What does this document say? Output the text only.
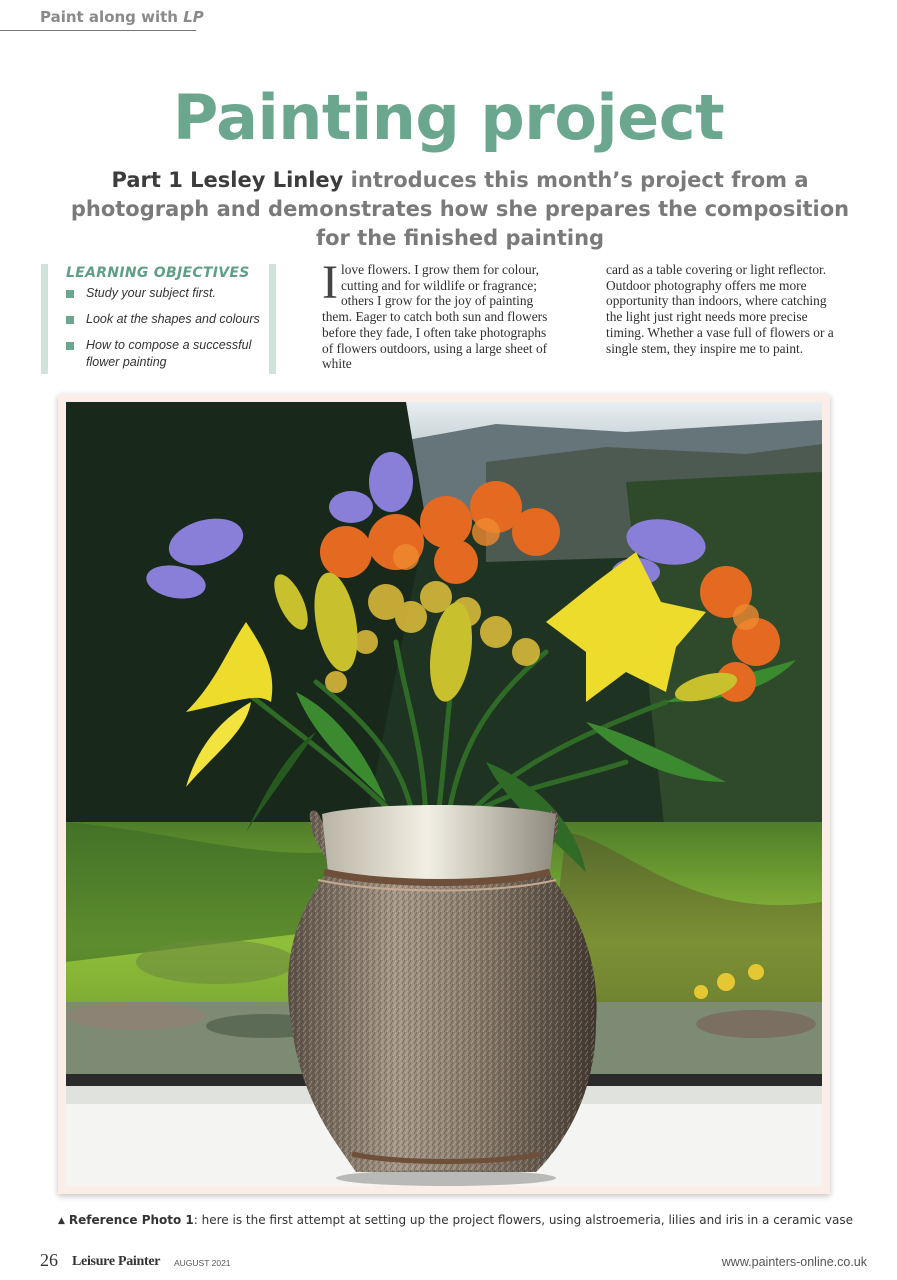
Paint along with LP
Painting project
Part 1 Lesley Linley introduces this month’s project from a photograph and demonstrates how she prepares the composition for the finished painting
LEARNING OBJECTIVES
Study your subject first.
Look at the shapes and colours
How to compose a successful flower painting
Ilove flowers. I grow them for colour, cutting and for wildlife or fragrance; others I grow for the joy of painting them. Eager to catch both sun and flowers before they fade, I often take photographs of flowers outdoors, using a large sheet of white
card as a table covering or light reflector. Outdoor photography offers me more opportunity than indoors, where catching the light just right needs more precise timing. Whether a vase full of flowers or a single stem, they inspire me to paint.
▲ Reference Photo 1: here is the first attempt at setting up the project flowers, using alstroemeria, lilies and iris in a ceramic vase
26 Leisure Painter AUGUST 2021	www.painters-online.co.uk
